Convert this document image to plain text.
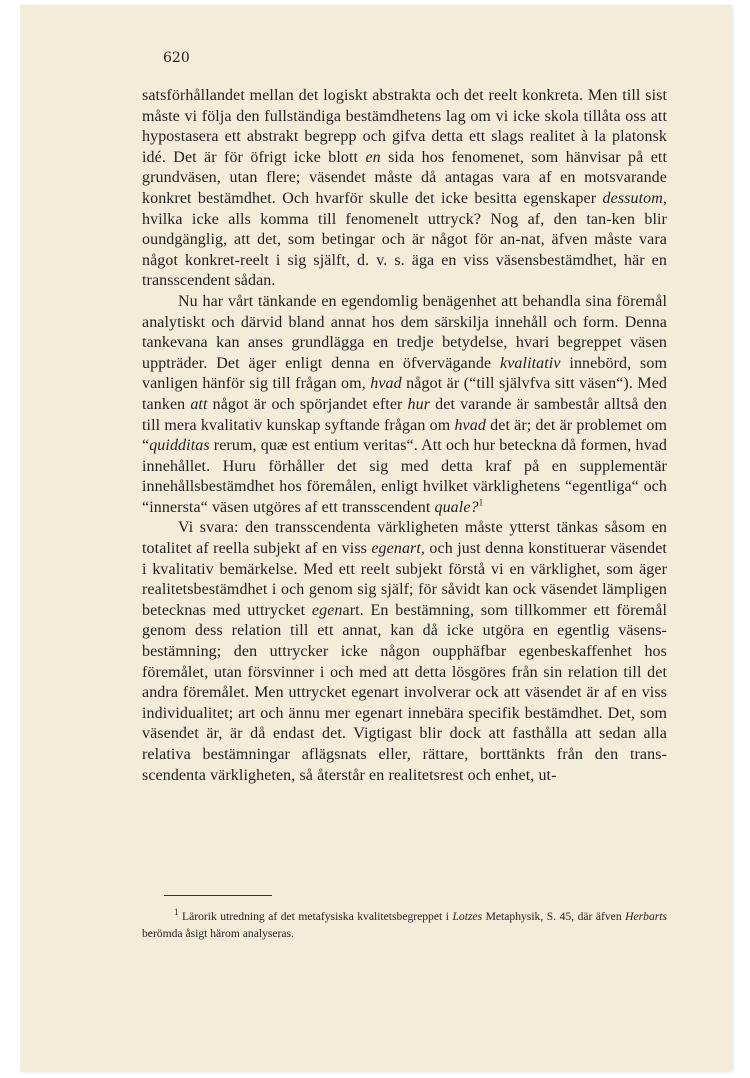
620

satsförhållandet mellan det logiskt abstrakta och det reelt konkreta. Men till sist måste vi följa den fullständiga bestämdhetens lag om vi icke skola tillåta oss att hypostasera ett abstrakt begrepp och gifva detta ett slags realitet à la platonsk idé. Det är för öfrigt icke blott en sida hos fenomenet, som hänvisar på ett grundväsen, utan flere; väsendet måste då antagas vara af en motsvarande konkret bestämdhet. Och hvarför skulle det icke besitta egenskaper dessutom, hvilka icke alls komma till fenomenelt uttryck? Nog af, den tan-ken blir oundgänglig, att det, som betingar och är något för an-nat, äfven måste vara något konkret-reelt i sig själft, d. v. s. äga en viss väsensbestämdhet, här en transscendent sådan.

Nu har vårt tänkande en egendomlig benägenhet att behandla sina föremål analytiskt och därvid bland annat hos dem särskilja innehåll och form. Denna tankevana kan anses grundlägga en tredje betydelse, hvari begreppet väsen uppträder. Det äger enligt denna en öfvervägande kvalitativ innebörd, som vanligen hänför sig till frågan om, hvad något är (“till självfva sitt väsen“). Med tanken att något är och spörjandet efter hur det varande är sambestår alltså den till mera kvalitativ kunskap syftande frågan om hvad det är; det är problemet om “quidditas rerum, quæ est entium veritas“. Att och hur beteckna då formen, hvad innehållet. Huru förhåller det sig med detta kraf på en supplementär innehållsbestämdhet hos föremålen, enligt hvilket värklighetens “egentliga“ och “innersta“ väsen utgöres af ett transscendent quale?$^1$

Vi svara: den transscendenta värkligheten måste ytterst tänkas såsom en totalitet af reella subjekt af en viss egenart, och just denna konstituerar väsendet i kvalitativ bemärkelse. Med ett reelt subjekt förstå vi en värklighet, som äger realitetsbestämdhet i och genom sig själf; för såvidt kan ock väsendet lämpligen betecknas med uttrycket egenart. En bestämning, som tillkommer ett föremål genom dess relation till ett annat, kan då icke utgöra en egentlig väsens-bestämning; den uttrycker icke någon oupphäfbar egenbeskaffenhet hos föremålet, utan försvinner i och med att detta lösgöres från sin relation till det andra föremålet. Men uttrycket egenart involverar ock att väsendet är af en viss individualitet; art och ännu mer egenart innebära specifik bestämdhet. Det, som väsendet är, är då endast det. Vigtigast blir dock att fasthålla att sedan alla relativa bestämningar aflägsnats eller, rättare, borttänkts från den trans-scendenta värkligheten, så återstår en realitetsrest och enhet, ut-

$^1$ Lärorik utredning af det metafysiska kvalitetsbegreppet i Lotzes Metaphysik, S. 45, där äfven Herbarts berömda åsigt härom analyseras.
